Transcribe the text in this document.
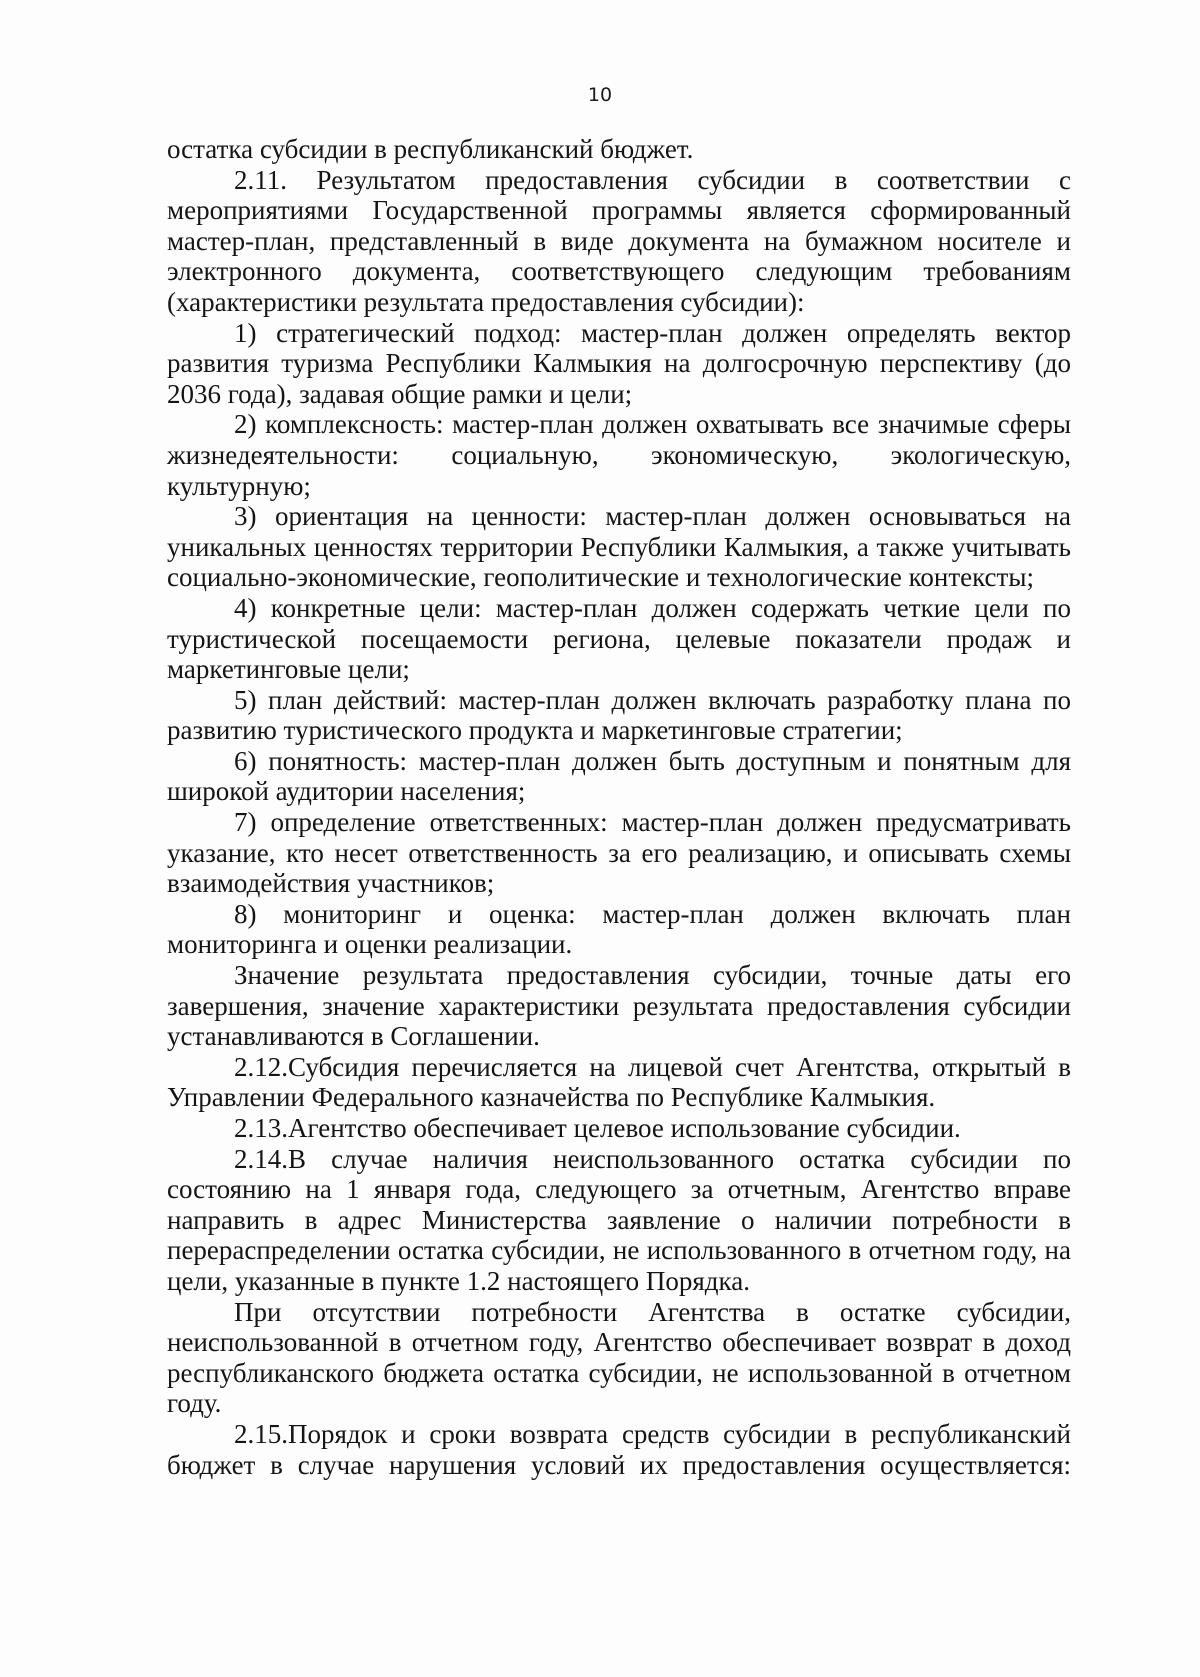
10

остатка субсидии в республиканский бюджет.

2.11. Результатом предоставления субсидии в соответствии с мероприятиями Государственной программы является сформированный мастер-план, представленный в виде документа на бумажном носителе и электронного документа, соответствующего следующим требованиям (характеристики результата предоставления субсидии):

1) стратегический подход: мастер-план должен определять вектор развития туризма Республики Калмыкия на долгосрочную перспективу (до 2036 года), задавая общие рамки и цели;

2) комплексность: мастер-план должен охватывать все значимые сферы жизнедеятельности: социальную, экономическую, экологическую, культурную;

3) ориентация на ценности: мастер-план должен основываться на уникальных ценностях территории Республики Калмыкия, а также учитывать социально-экономические, геополитические и технологические контексты;

4) конкретные цели: мастер-план должен содержать четкие цели по туристической посещаемости региона, целевые показатели продаж и маркетинговые цели;

5) план действий: мастер-план должен включать разработку плана по развитию туристического продукта и маркетинговые стратегии;

6) понятность: мастер-план должен быть доступным и понятным для широкой аудитории населения;

7) определение ответственных: мастер-план должен предусматривать указание, кто несет ответственность за его реализацию, и описывать схемы взаимодействия участников;

8) мониторинг и оценка: мастер-план должен включать план мониторинга и оценки реализации.

Значение результата предоставления субсидии, точные даты его завершения, значение характеристики результата предоставления субсидии устанавливаются в Соглашении.

2.12.Субсидия перечисляется на лицевой счет Агентства, открытый в Управлении Федерального казначейства по Республике Калмыкия.

2.13.Агентство обеспечивает целевое использование субсидии.

2.14.В случае наличия неиспользованного остатка субсидии по состоянию на 1 января года, следующего за отчетным, Агентство вправе направить в адрес Министерства заявление о наличии потребности в перераспределении остатка субсидии, не использованного в отчетном году, на цели, указанные в пункте 1.2 настоящего Порядка.

При отсутствии потребности Агентства в остатке субсидии, неиспользованной в отчетном году, Агентство обеспечивает возврат в доход республиканского бюджета остатка субсидии, не использованной в отчетном году.

2.15.Порядок и сроки возврата средств субсидии в республиканский бюджет в случае нарушения условий их предоставления осуществляется:
